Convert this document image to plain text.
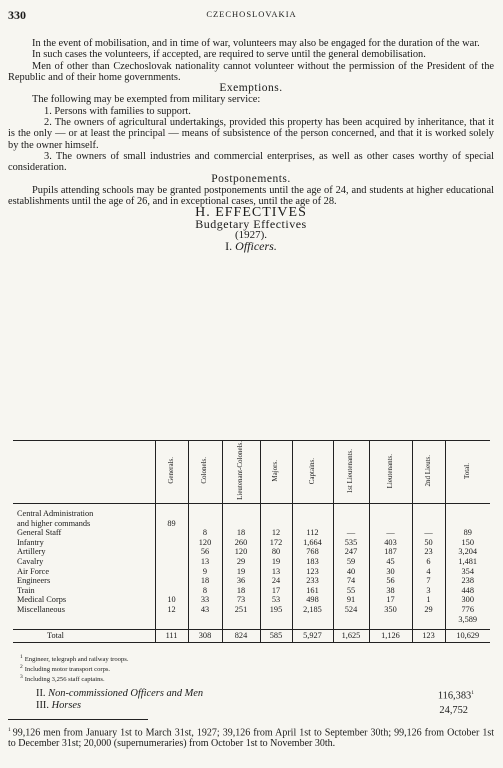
330	CZECHOSLOVAKIA

In the event of mobilisation, and in time of war, volunteers may also be engaged for the duration of the war.

In such cases the volunteers, if accepted, are required to serve until the general demobilisation.

Men of other than Czechoslovak nationality cannot volunteer without the permission of the President of the Republic and of their home governments.

Exemptions.

The following may be exempted from military service:

1. Persons with families to support.

2. The owners of agricultural undertakings, provided this property has been acquired by inheritance, that it is the only — or at least the principal — means of subsistence of the person concerned, and that it is worked solely by the owner himself.

3. The owners of small industries and commercial enterprises, as well as other cases worthy of special consideration.

Postponements.

Pupils attending schools may be granted postponements until the age of 24, and students at higher educational establishments until the age of 26, and in exceptional cases, until the age of 28.

H. EFFECTIVES

Budgetary Effectives

(1927).

I. Officers.

	Generals.	Colonels.	Lieutenant-Colonels.	Majors.	Captains.	1st Lieutenants.	Lieutenants.	2nd Lieuts.	Total.

Central Administration									
and higher commands	89								
General Staff		8	18	12	112	—	—	—	89
Infantry		120	260	172	1,664	535	403	50	150
Artillery		56	120	80	768	247	187	23	3,204
Cavalry		13	29	19	183	59	45	6	1,481
Air Force		9	19	13	123	40	30	4	354
Engineers		18	36	24	233	74	56	7	238
Train		8	18	17	161	55	38	3	448
Medical Corps	10	33	73	53	498	91	17	1	300
Miscellaneous	12	43	251	195	2,185	524	350	29	776
									3,589

Total	111	308	824	585	5,927	1,625	1,126	123	10,629
$^1$ Engineer, telegraph and railway troops.
$^2$ Including motor transport corps.
$^3$ Including 3,256 staff captains.
II. Non-commissioned Officers and Men	116,383$^1$
III. Horses	24,752
$^1$ 99,126 men from January 1st to March 31st, 1927; 39,126 from April 1st to September 30th; 99,126 from October 1st to December 31st; 20,000 (supernumeraries) from October 1st to November 30th.
